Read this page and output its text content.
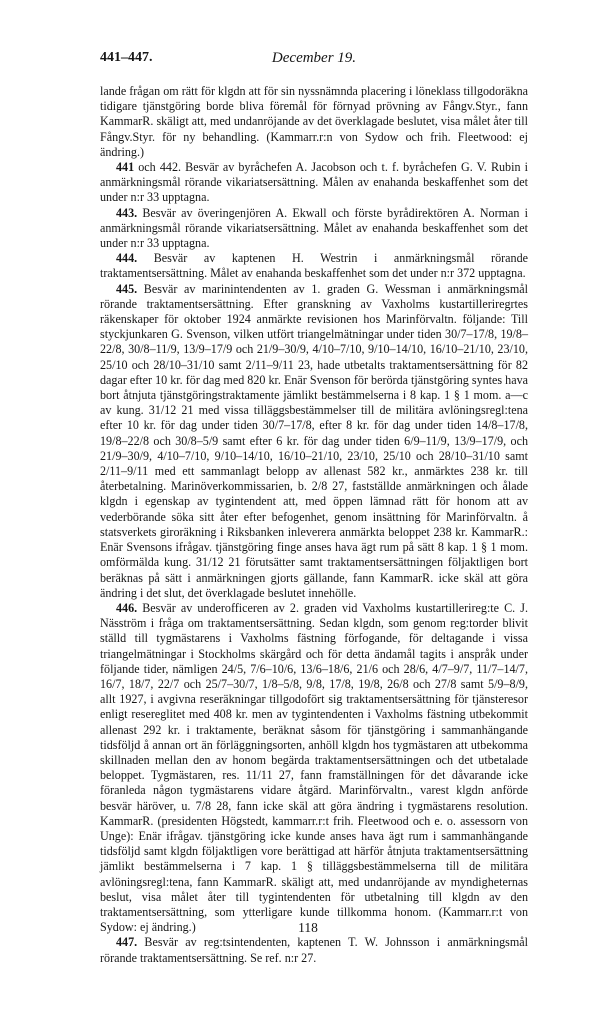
441–447.	December 19.

lande frågan om rätt för klgdn att för sin nyssnämnda placering i löneklass tillgodoräkna tidigare tjänstgöring borde bliva föremål för förnyad prövning av Fångv.Styr., fann KammarR. skäligt att, med undanröjande av det överklagade beslutet, visa målet åter till Fångv.Styr. för ny behandling. (Kammarr.r:n von Sydow och frih. Fleetwood: ej ändring.)

441 och 442. Besvär av byråchefen A. Jacobson och t. f. byråchefen G. V. Rubin i anmärkningsmål rörande vikariatsersättning. Målen av enahanda beskaffenhet som det under n:r 33 upptagna.

443. Besvär av överingenjören A. Ekwall och förste byrådirektören A. Norman i anmärkningsmål rörande vikariatsersättning. Målet av enahanda beskaffenhet som det under n:r 33 upptagna.

444. Besvär av kaptenen H. Westrin i anmärkningsmål rörande traktamentsersättning. Målet av enahanda beskaffenhet som det under n:r 372 upptagna.

445. Besvär av marinintendenten av 1. graden G. Wessman i anmärkningsmål rörande traktamentsersättning. Efter granskning av Vaxholms kustartilleriregrtes räkenskaper för oktober 1924 anmärkte revisionen hos Marinförvaltn. följande: Till styckjunkaren G. Svenson, vilken utfört triangelmätningar under tiden 30/7–17/8, 19/8–22/8, 30/8–11/9, 13/9–17/9 och 21/9–30/9, 4/10–7/10, 9/10–14/10, 16/10–21/10, 23/10, 25/10 och 28/10–31/10 samt 2/11–9/11 23, hade utbetalts traktamentsersättning för 82 dagar efter 10 kr. för dag med 820 kr. Enär Svenson för berörda tjänstgöring syntes hava bort åtnjuta tjänstgöringstraktamente jämlikt bestämmelserna i 8 kap. 1 § 1 mom. a—c av kung. 31/12 21 med vissa tilläggsbestämmelser till de militära avlöningsregl:tena efter 10 kr. för dag under tiden 30/7–17/8, efter 8 kr. för dag under tiden 14/8–17/8, 19/8–22/8 och 30/8–5/9 samt efter 6 kr. för dag under tiden 6/9–11/9, 13/9–17/9, och 21/9–30/9, 4/10–7/10, 9/10–14/10, 16/10–21/10, 23/10, 25/10 och 28/10–31/10 samt 2/11–9/11 med ett sammanlagt belopp av allenast 582 kr., anmärktes 238 kr. till återbetalning. Marinöverkommissarien, b. 2/8 27, fastställde anmärkningen och ålade klgdn i egenskap av tygintendent att, med öppen lämnad rätt för honom att av vederbörande söka sitt åter efter befogenhet, genom insättning för Marinförvaltn. å statsverkets giroräkning i Riksbanken inleverera anmärkta beloppet 238 kr. KammarR.: Enär Svensons ifrågav. tjänstgöring finge anses hava ägt rum på sätt 8 kap. 1 § 1 mom. omförmälda kung. 31/12 21 förutsätter samt traktamentsersättningen följaktligen bort beräknas på sätt i anmärkningen gjorts gällande, fann KammarR. icke skäl att göra ändring i det slut, det överklagade beslutet innehölle.

446. Besvär av underofficeren av 2. graden vid Vaxholms kustartillerireg:te C. J. Näsström i fråga om traktamentsersättning. Sedan klgdn, som genom reg:torder blivit ställd till tygmästarens i Vaxholms fästning förfogande, för deltagande i vissa triangelmätningar i Stockholms skärgård och för detta ändamål tagits i anspråk under följande tider, nämligen 24/5, 7/6–10/6, 13/6–18/6, 21/6 och 28/6, 4/7–9/7, 11/7–14/7, 16/7, 18/7, 22/7 och 25/7–30/7, 1/8–5/8, 9/8, 17/8, 19/8, 26/8 och 27/8 samt 5/9–8/9, allt 1927, i avgivna reseräkningar tillgodofört sig traktamentsersättning för tjänsteresor enligt resereglitet med 408 kr. men av tygintendenten i Vaxholms fästning utbekommit allenast 292 kr. i traktamente, beräknat såsom för tjänstgöring i sammanhängande tidsföljd å annan ort än förläggningsorten, anhöll klgdn hos tygmästaren att utbekomma skillnaden mellan den av honom begärda traktamentsersättningen och det utbetalade beloppet. Tygmästaren, res. 11/11 27, fann framställningen för det dåvarande icke föranleda någon tygmästarens vidare åtgärd. Marinförvaltn., varest klgdn anförde besvär häröver, u. 7/8 28, fann icke skäl att göra ändring i tygmästarens resolution. KammarR. (presidenten Högstedt, kammarr.r:t frih. Fleetwood och e. o. assessorn von Unge): Enär ifrågav. tjänstgöring icke kunde anses hava ägt rum i sammanhängande tidsföljd samt klgdn följaktligen vore berättigad att härför åtnjuta traktamentsersättning jämlikt bestämmelserna i 7 kap. 1 § tilläggsbestämmelserna till de militära avlöningsregl:tena, fann KammarR. skäligt att, med undanröjande av myndigheternas beslut, visa målet åter till tygintendenten för utbetalning till klgdn av den traktamentsersättning, som ytterligare kunde tillkomma honom. (Kammarr.r:t von Sydow: ej ändring.)

447. Besvär av reg:tsintendenten, kaptenen T. W. Johnsson i anmärkningsmål rörande traktamentsersättning. Se ref. n:r 27.

118
